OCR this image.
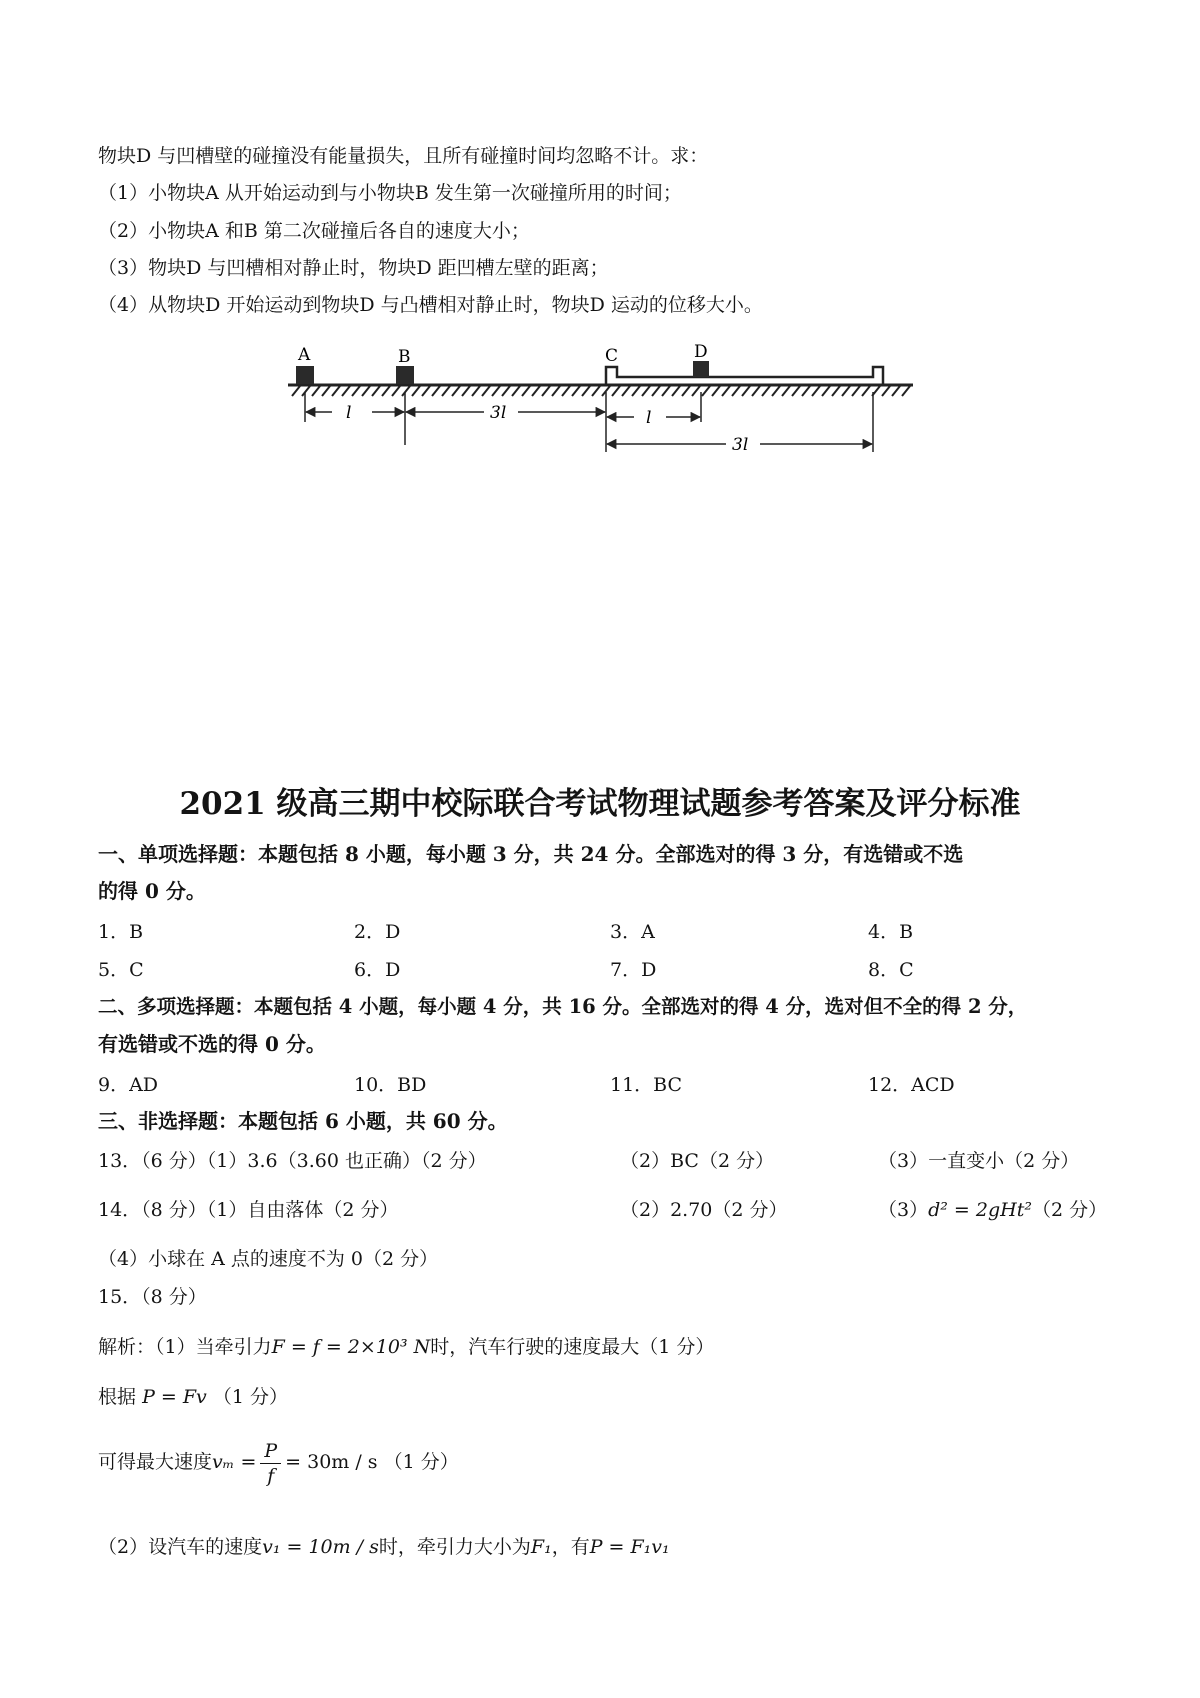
物块D 与凹槽壁的碰撞没有能量损失，且所有碰撞时间均忽略不计。求：
（1）小物块A 从开始运动到与小物块B 发生第一次碰撞所用的时间；
（2）小物块A 和B 第二次碰撞后各自的速度大小；
（3）物块D 与凹槽相对静止时，物块D 距凹槽左壁的距离；
（4）从物块D 开始运动到物块D 与凸槽相对静止时，物块D 运动的位移大小。
A	B	C	D
l	3l	l
3l
2021 级高三期中校际联合考试物理试题参考答案及评分标准
一、单项选择题：本题包括 8 小题，每小题 3 分，共 24 分。全部选对的得 3 分，有选错或不选
的得 0 分。
1．B	2．D	3．A	4．B
5．C	6．D	7．D	8．C
二、多项选择题：本题包括 4 小题，每小题 4 分，共 16 分。全部选对的得 4 分，选对但不全的得 2 分，
有选错或不选的得 0 分。
9．AD	10．BD	11．BC	12．ACD
三、非选择题：本题包括 6 小题，共 60 分。
13．（6 分）（1）3.6（3.60 也正确）（2 分）	（2）BC（2 分）	（3）一直变小（2 分）
14．（8 分）（1）自由落体（2 分）	（2）2.70（2 分）	（3）d² = 2gHt²（2 分）
（4）小球在 A 点的速度不为 0（2 分）
15．（8 分）
解析：（1）当牵引力F = f = 2×10³ N时，汽车行驶的速度最大（1 分）
根据 P = Fv （1 分）
可得最大速度$v_m = \frac{P}{f} = 30m / s$ （1 分）
（2）设汽车的速度v₁ = 10m / s时，牵引力大小为F₁，有P = F₁v₁
